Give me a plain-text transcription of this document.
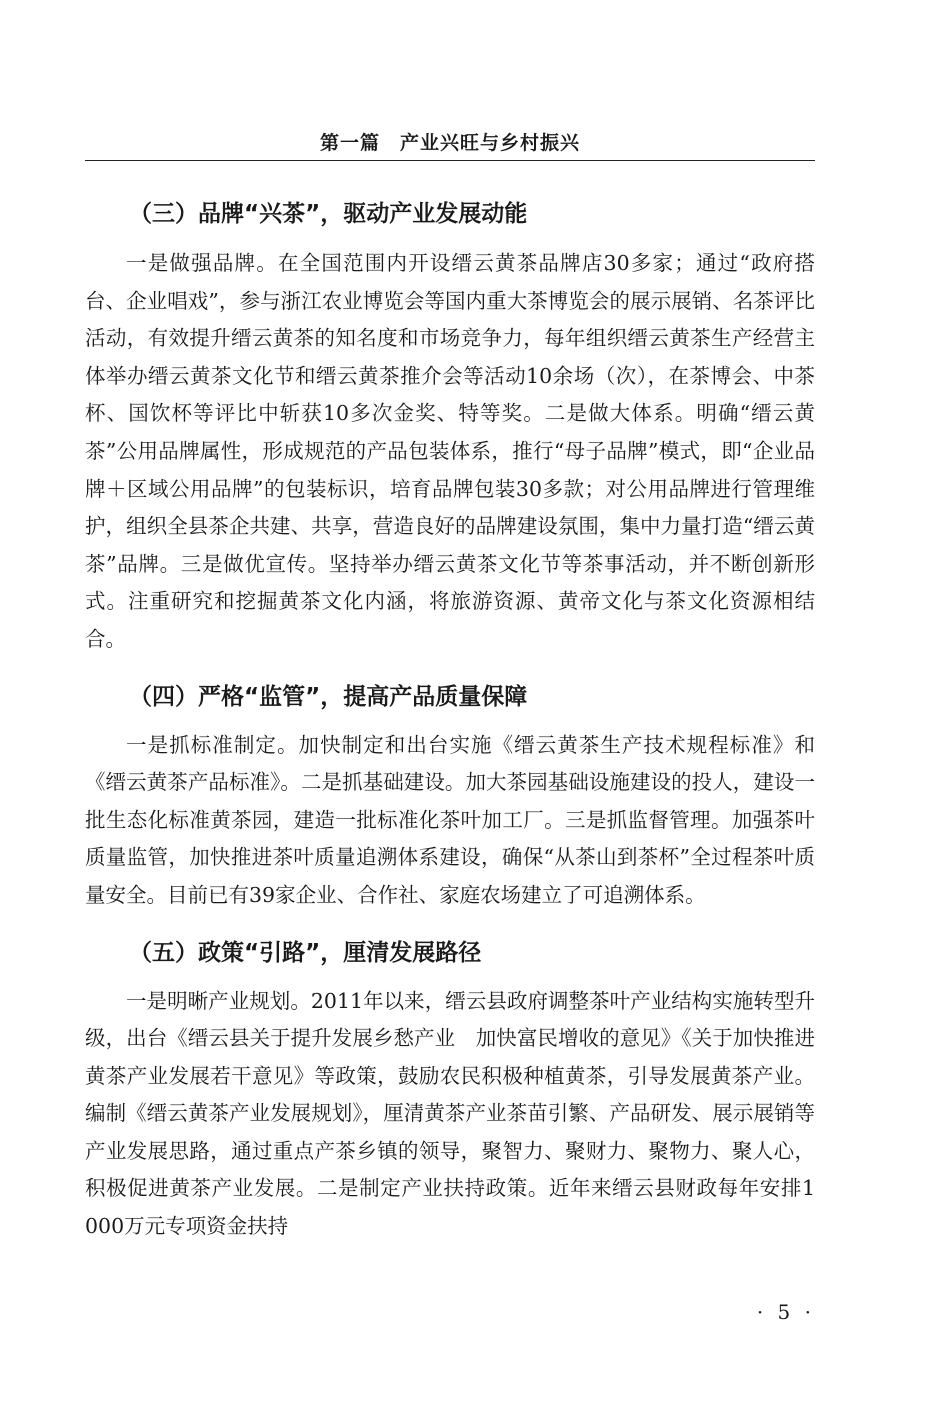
第一篇　产业兴旺与乡村振兴
（三）品牌“兴茶”，驱动产业发展动能

一是做强品牌。在全国范围内开设缙云黄茶品牌店30多家；通过“政府搭台、企业唱戏”，参与浙江农业博览会等国内重大茶博览会的展示展销、名茶评比活动，有效提升缙云黄茶的知名度和市场竞争力，每年组织缙云黄茶生产经营主体举办缙云黄茶文化节和缙云黄茶推介会等活动10余场（次），在茶博会、中茶杯、国饮杯等评比中斩获10多次金奖、特等奖。二是做大体系。明确“缙云黄茶”公用品牌属性，形成规范的产品包装体系，推行“母子品牌”模式，即“企业品牌＋区域公用品牌”的包装标识，培育品牌包装30多款；对公用品牌进行管理维护，组织全县茶企共建、共享，营造良好的品牌建设氛围，集中力量打造“缙云黄茶”品牌。三是做优宣传。坚持举办缙云黄茶文化节等茶事活动，并不断创新形式。注重研究和挖掘黄茶文化内涵，将旅游资源、黄帝文化与茶文化资源相结合。

（四）严格“监管”，提高产品质量保障

一是抓标准制定。加快制定和出台实施《缙云黄茶生产技术规程标准》和《缙云黄茶产品标准》。二是抓基础建设。加大茶园基础设施建设的投人，建设一批生态化标准黄茶园，建造一批标准化茶叶加工厂。三是抓监督管理。加强茶叶质量监管，加快推进茶叶质量追溯体系建设，确保“从茶山到茶杯”全过程茶叶质量安全。目前已有39家企业、合作社、家庭农场建立了可追溯体系。

（五）政策“引路”，厘清发展路径

一是明晰产业规划。2011年以来，缙云县政府调整茶叶产业结构实施转型升级，出台《缙云县关于提升发展乡愁产业　加快富民增收的意见》《关于加快推进黄茶产业发展若干意见》等政策，鼓励农民积极种植黄茶，引导发展黄茶产业。编制《缙云黄茶产业发展规划》，厘清黄茶产业茶苗引繁、产品研发、展示展销等产业发展思路，通过重点产茶乡镇的领导，聚智力、聚财力、聚物力、聚人心，积极促进黄茶产业发展。二是制定产业扶持政策。近年来缙云县财政每年安排1 000万元专项资金扶持

· 5 ·
